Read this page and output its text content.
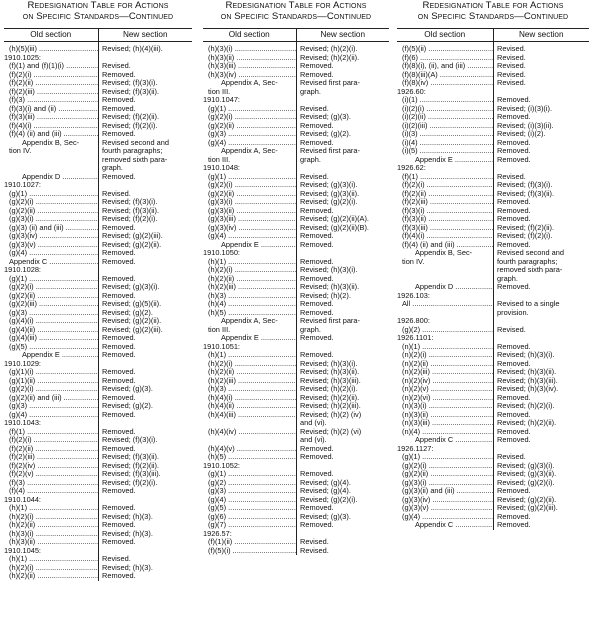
Redesignation Table for Actions
on Specific Standards—Continued
Old section	New section
(h)(5)(iii) .....	Revised; (h)(4)(iii).
1910.1025:
(f)(1) and (f)(1)(i) .....	Revised.
(f)(2)(i) .....	Removed.
(f)(2)(ii) .....	Revised; (f)(3)(i).
(f)(2)(iii) .....	Revised; (f)(3)(ii).
(f)(3) .....	Removed.
(f)(3)(i) and (ii) .....	Removed.
(f)(3)(iii) .....	Revised; (f)(2)(ii).
(f)(4)(i) .....	Revised; (f)(2)(i).
(f)(4) (ii) and (iii) .....	Removed.
Appendix B, Sec-	Revised second and
tion IV.	fourth paragraphs;
removed sixth para-
graph.
Appendix D .....	Removed.
1910.1027:
(g)(1) .....	Revised.
(g)(2)(i) .....	Revised; (f)(3)(i).
(g)(2)(ii) .....	Revised; (f)(3)(ii).
(g)(3)(i) .....	Revised; (f)(2)(i).
(g)(3) (ii) and (iii) .....	Removed.
(g)(3)(iv) .....	Revised; (g)(2)(iii).
(g)(3)(v) .....	Revised; (g)(2)(ii).
(g)(4) .....	Removed.
Appendix C .....	Removed.
1910.1028:
(g)(1) .....	Removed.
(g)(2)(i) .....	Revised; (g)(3)(i).
(g)(2)(ii) .....	Removed.
(g)(2)(iii) .....	Revised; (g)(5)(ii).
(g)(3) .....	Revised; (g)(2).
(g)(4)(i) .....	Revised; (g)(2)(ii).
(g)(4)(ii) .....	Revised; (g)(2)(iii).
(g)(4)(iii) .....	Removed.
(g)(5) .....	Removed.
Appendix E .....	Removed.
1910.1029:
(g)(1)(i) .....	Removed.
(g)(1)(ii) .....	Removed.
(g)(2)(i) .....	Revised; (g)(3).
(g)(2)(ii) and (iii) .....	Removed.
(g)(3) .....	Revised; (g)(2).
(g)(4) .....	Removed.
1910.1043:
(f)(1) .....	Removed.
(f)(2)(i) .....	Revised; (f)(3)(i).
(f)(2)(ii) .....	Removed.
(f)(2)(iii) .....	Revised; (f)(3)(ii).
(f)(2)(iv) .....	Revised; (f)(2)(ii).
(f)(2)(v) .....	Revised; (f)(3)(iii).
(f)(3) .....	Revised; (f)(2)(i).
(f)(4) .....	Removed.
1910.1044:
(h)(1) .....	Removed.
(h)(2)(i) .....	Revised; (h)(3).
(h)(2)(ii) .....	Removed.
(h)(3)(i) .....	Revised; (h)(3).
(h)(3)(ii) .....	Removed.
1910.1045:
(h)(1) .....	Revised.
(h)(2)(i) .....	Revised; (h)(3).
(h)(2)(ii) .....	Removed.
Redesignation Table for Actions
on Specific Standards—Continued
Old section	New section
(h)(3)(i) .....	Revised; (h)(2)(i).
(h)(3)(ii) .....	Revised; (h)(2)(ii).
(h)(3)(iii) .....	Removed.
(h)(3)(iv) .....	Removed.
Appendix A, Sec-	Revised first para-
tion III.	graph.
1910.1047:
(g)(1) .....	Revised.
(g)(2)(i) .....	Revised; (g)(3).
(g)(2)(ii) .....	Removed.
(g)(3) .....	Revised; (g)(2).
(g)(4) .....	Removed.
Appendix A, Sec-	Revised first para-
tion III.	graph.
1910.1048:
(g)(1) .....	Revised.
(g)(2)(i) .....	Revised; (g)(3)(i).
(g)(2)(ii) .....	Revised; (g)(3)(ii).
(g)(3)(i) .....	Revised; (g)(2)(i).
(g)(3)(ii) .....	Removed.
(g)(3)(iii) .....	Revised; (g)(2)(ii)(A).
(g)(3)(iv) .....	Revised; (g)(2)(ii)(B).
(g)(4) .....	Removed.
Appendix E .....	Removed.
1910.1050:
(h)(1) .....	Removed.
(h)(2)(i) .....	Revised; (h)(3)(i).
(h)(2)(ii) .....	Removed.
(h)(2)(iii) .....	Revised; (h)(3)(ii).
(h)(3) .....	Revised; (h)(2).
(h)(4) .....	Removed.
(h)(5) .....	Removed.
Appendix A, Sec-	Revised first para-
tion III.	graph.
Appendix E .....	Removed.
1910.1051:
(h)(1) .....	Removed.
(h)(2)(i) .....	Revised; (h)(3)(i).
(h)(2)(ii) .....	Revised; (h)(3)(ii).
(h)(2)(iii) .....	Revised; (h)(3)(iii).
(h)(3) .....	Revised; (h)(2)(i).
(h)(4)(i) .....	Revised; (h)(2)(ii).
(h)(4)(ii) .....	Revised; (h)(2)(iii).
(h)(4)(iii) .....	Revised; (h)(2) (iv)
and (vi).
(h)(4)(iv) .....	Revised; (h)(2) (vi)
and (vi).
(h)(4)(v) .....	Removed.
(h)(5) .....	Removed.
1910.1052:
(g)(1) .....	Removed.
(g)(2) .....	Revised; (g)(4).
(g)(3) .....	Revised; (g)(4).
(g)(4) .....	Revised; (g)(2)(i).
(g)(5) .....	Removed.
(g)(6) .....	Revised; (g)(3).
(g)(7) .....	Removed.
1926.57:
(f)(1)(ii) .....	Revised.
(f)(5)(i) .....	Revised.
Redesignation Table for Actions
on Specific Standards—Continued
Old section	New section
(f)(5)(ii) .....	Revised.
(f)(6) .....	Revised.
(f)(8)(i), (ii), and (iii) .....	Revised.
(f)(8)(iii)(A) .....	Revised.
(f)(8)(iv) .....	Revised.
1926.60:
(i)(1) .....	Removed.
(i)(2)(i) .....	Revised; (i)(3)(i).
(i)(2)(ii) .....	Removed.
(i)(2)(iii) .....	Revised; (i)(3)(ii).
(i)(3) .....	Revised; (i)(2).
(i)(4) .....	Removed.
(i)(5) .....	Removed.
Appendix E .....	Removed.
1926.62:
(f)(1) .....	Revised.
(f)(2)(i) .....	Revised; (f)(3)(i).
(f)(2)(ii) .....	Revised; (f)(3)(ii).
(f)(2)(iii) .....	Removed.
(f)(3)(i) .....	Removed.
(f)(3)(ii) .....	Removed.
(f)(3)(iii) .....	Revised; (f)(2)(ii).
(f)(4)(i) .....	Revised; (f)(2)(i).
(f)(4) (ii) and (iii) .....	Removed.
Appendix B, Sec-	Revised second and
tion IV.	fourth paragraphs;
removed sixth para-
graph.
Appendix D .....	Removed.
1926.103:
All .....	Revised to a single
provision.
1926.800:
(g)(2) .....	Revised.
1926.1101:
(n)(1) .....	Removed.
(n)(2)(i) .....	Revised; (h)(3)(i).
(n)(2)(ii) .....	Removed.
(n)(2)(iii) .....	Revised; (h)(3)(ii).
(n)(2)(iv) .....	Revised; (h)(3)(iii).
(n)(2)(v) .....	Revised; (h)(3)(iv).
(n)(2)(vi) .....	Removed.
(n)(3)(i) .....	Revised; (h)(2)(i).
(n)(3)(ii) .....	Removed.
(n)(3)(iii) .....	Revised; (h)(2)(ii).
(n)(4) .....	Removed.
Appendix C .....	Removed.
1926.1127:
(g)(1) .....	Revised.
(g)(2)(i) .....	Revised; (g)(3)(i).
(g)(2)(ii) .....	Revised; (g)(3)(ii).
(g)(3)(i) .....	Revised; (g)(2)(i).
(g)(3)(ii) and (iii) .....	Removed.
(g)(3)(iv) .....	Revised; (g)(2)(ii).
(g)(3)(v) .....	Revised; (g)(2)(iii).
(g)(4) .....	Removed.
Appendix C .....	Removed.
